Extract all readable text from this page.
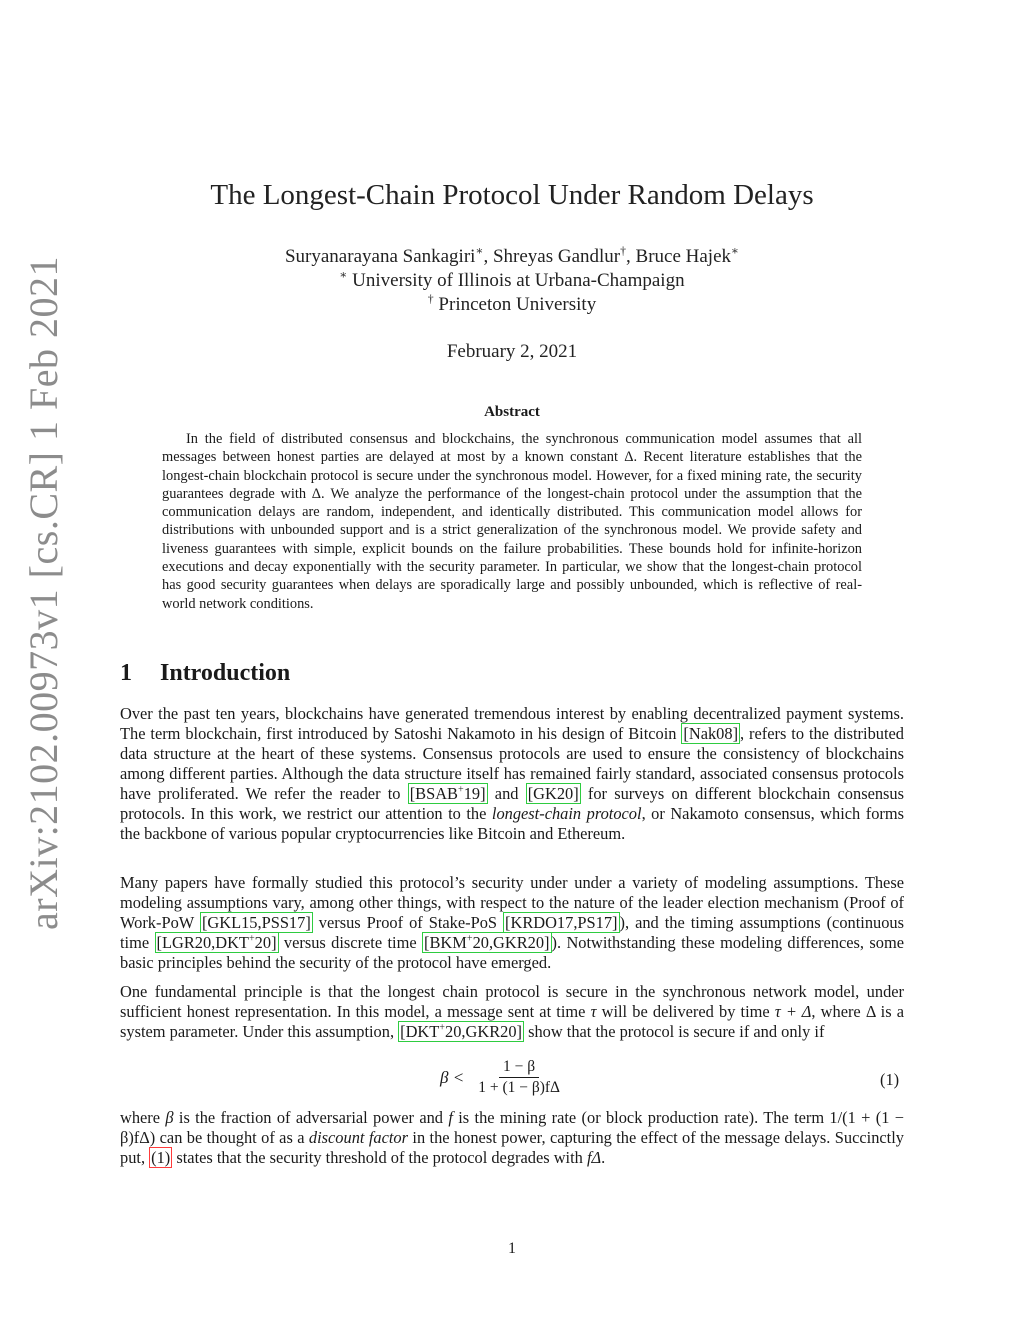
arXiv:2102.00973v1 [cs.CR] 1 Feb 2021
The Longest-Chain Protocol Under Random Delays
Suryanarayana Sankagiri∗, Shreyas Gandlur†, Bruce Hajek∗
∗ University of Illinois at Urbana-Champaign
† Princeton University
February 2, 2021
Abstract
In the field of distributed consensus and blockchains, the synchronous communication model assumes that all messages between honest parties are delayed at most by a known constant Δ. Recent literature establishes that the longest-chain blockchain protocol is secure under the synchronous model. However, for a fixed mining rate, the security guarantees degrade with Δ. We analyze the performance of the longest-chain protocol under the assumption that the communication delays are random, independent, and identically distributed. This communication model allows for distributions with unbounded support and is a strict generalization of the synchronous model. We provide safety and liveness guarantees with simple, explicit bounds on the failure probabilities. These bounds hold for infinite-horizon executions and decay exponentially with the security parameter. In particular, we show that the longest-chain protocol has good security guarantees when delays are sporadically large and possibly unbounded, which is reflective of real-world network conditions.
1 Introduction
Over the past ten years, blockchains have generated tremendous interest by enabling decentralized payment systems. The term blockchain, first introduced by Satoshi Nakamoto in his design of Bitcoin [Nak08] , refers to the distributed data structure at the heart of these systems. Consensus protocols are used to ensure the consistency of blockchains among different parties. Although the data structure itself has remained fairly standard, associated consensus protocols have proliferated. We refer the reader to [BSAB+19] and [GK20] for surveys on different blockchain consensus protocols. In this work, we restrict our attention to the longest-chain protocol, or Nakamoto consensus, which forms the backbone of various popular cryptocurrencies like Bitcoin and Ethereum.
Many papers have formally studied this protocol’s security under under a variety of modeling assumptions. These modeling assumptions vary, among other things, with respect to the nature of the leader election mechanism (Proof of Work-PoW [GKL15,PSS17] versus Proof of Stake-PoS [KRDO17,PS17] ), and the timing assumptions (continuous time [LGR20,DKT+20] versus discrete time [BKM+20,GKR20] ). Notwithstanding these modeling differences, some basic principles behind the security of the protocol have emerged.
One fundamental principle is that the longest chain protocol is secure in the synchronous network model, under sufficient honest representation. In this model, a message sent at time τ will be delivered by time τ + Δ, where Δ is a system parameter. Under this assumption, [DKT+20,GKR20] show that the protocol is secure if and only if
$\beta < \frac{1 - \beta}{1 + (1 - \beta)f\Delta}$	(1)
where β is the fraction of adversarial power and f is the mining rate (or block production rate). The term 1/(1 + (1 − β)fΔ) can be thought of as a discount factor in the honest power, capturing the effect of the message delays. Succinctly put, (1) states that the security threshold of the protocol degrades with fΔ.
1
